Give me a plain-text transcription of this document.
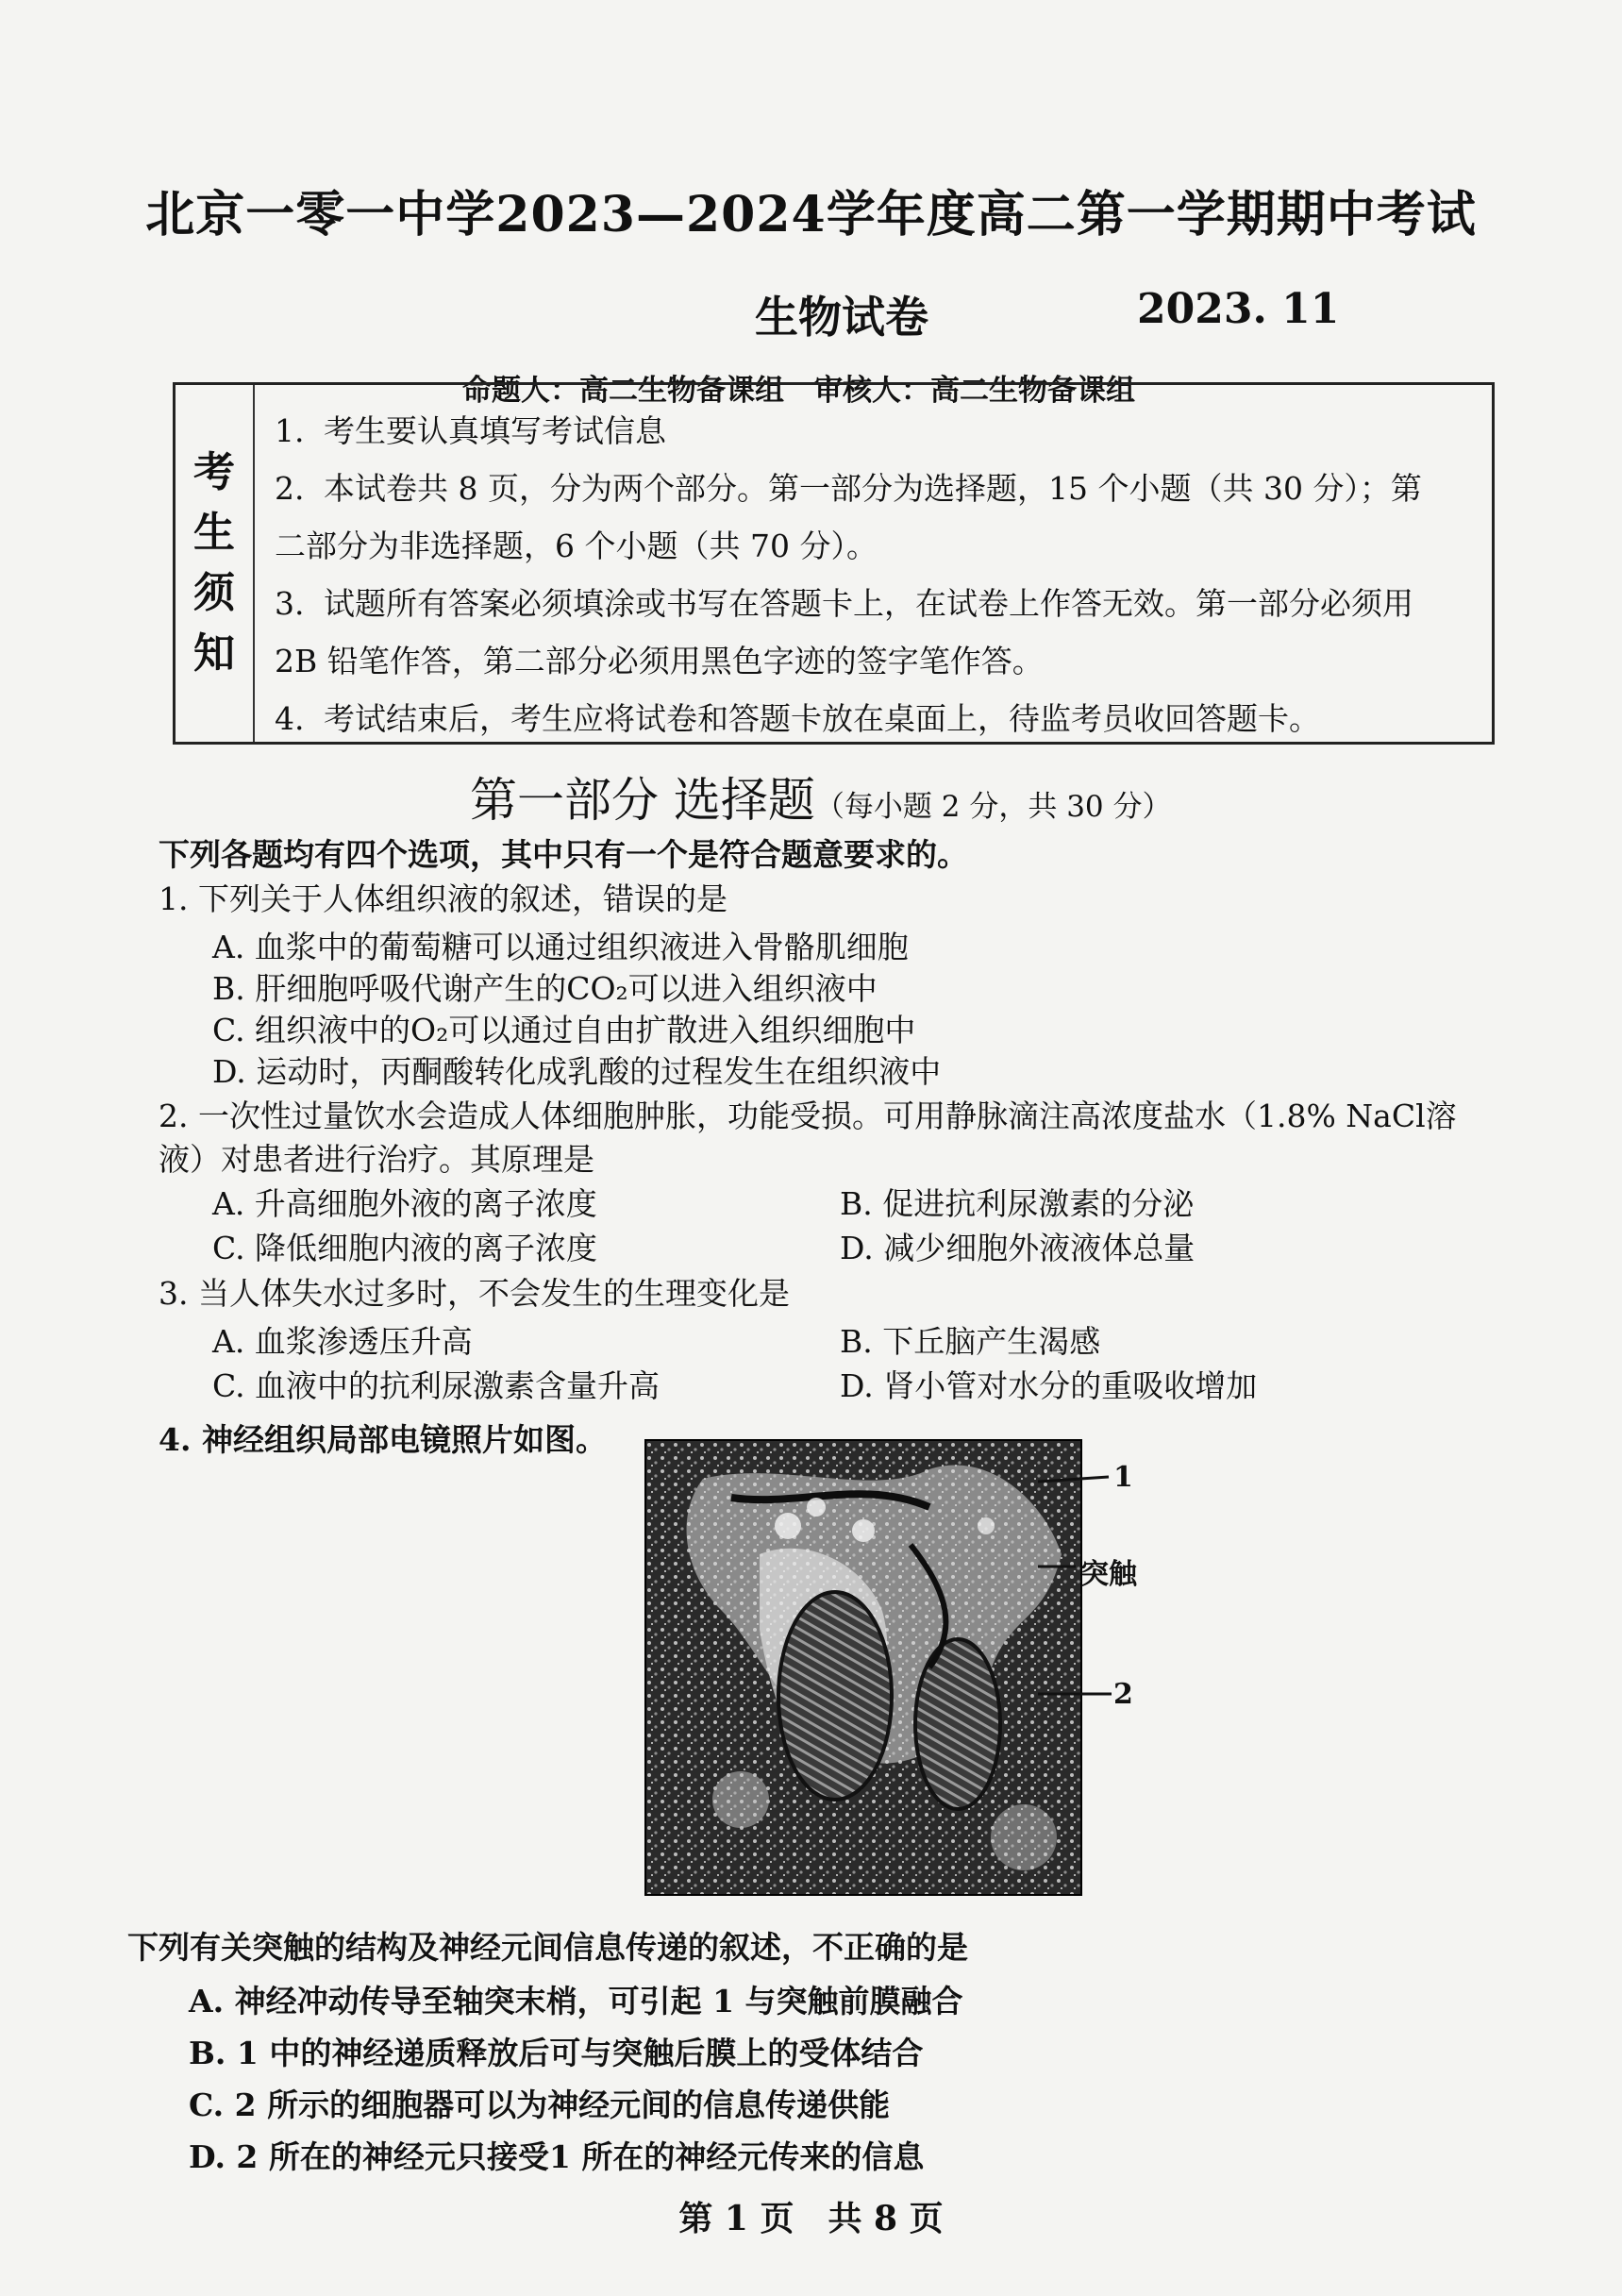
北京一零一中学2023—2024学年度高二第一学期期中考试
生物试卷	2023. 11
命题人：高二生物备课组　审核人：高二生物备课组
考
生
须
知
1. 考生要认真填写考试信息
2. 本试卷共 8 页，分为两个部分。第一部分为选择题，15 个小题（共 30 分）；第
二部分为非选择题，6 个小题（共 70 分）。
3. 试题所有答案必须填涂或书写在答题卡上，在试卷上作答无效。第一部分必须用
2B 铅笔作答，第二部分必须用黑色字迹的签字笔作答。
4. 考试结束后，考生应将试卷和答题卡放在桌面上，待监考员收回答题卡。
第一部分 选择题（每小题 2 分，共 30 分）
下列各题均有四个选项，其中只有一个是符合题意要求的。
1. 下列关于人体组织液的叙述，错误的是
A. 血浆中的葡萄糖可以通过组织液进入骨骼肌细胞
B. 肝细胞呼吸代谢产生的CO₂可以进入组织液中
C. 组织液中的O₂可以通过自由扩散进入组织细胞中
D. 运动时，丙酮酸转化成乳酸的过程发生在组织液中
2. 一次性过量饮水会造成人体细胞肿胀，功能受损。可用静脉滴注高浓度盐水（1.8% NaCl溶
液）对患者进行治疗。其原理是
A. 升高细胞外液的离子浓度	B. 促进抗利尿激素的分泌
C. 降低细胞内液的离子浓度	D. 减少细胞外液液体总量
3. 当人体失水过多时，不会发生的生理变化是
A. 血浆渗透压升高	B. 下丘脑产生渴感
C. 血液中的抗利尿激素含量升高	D. 肾小管对水分的重吸收增加
4. 神经组织局部电镜照片如图。
1
突触
2
下列有关突触的结构及神经元间信息传递的叙述，不正确的是
A. 神经冲动传导至轴突末梢，可引起 1 与突触前膜融合
B. 1 中的神经递质释放后可与突触后膜上的受体结合
C. 2 所示的细胞器可以为神经元间的信息传递供能
D. 2 所在的神经元只接受1 所在的神经元传来的信息
第 1 页　共 8 页
